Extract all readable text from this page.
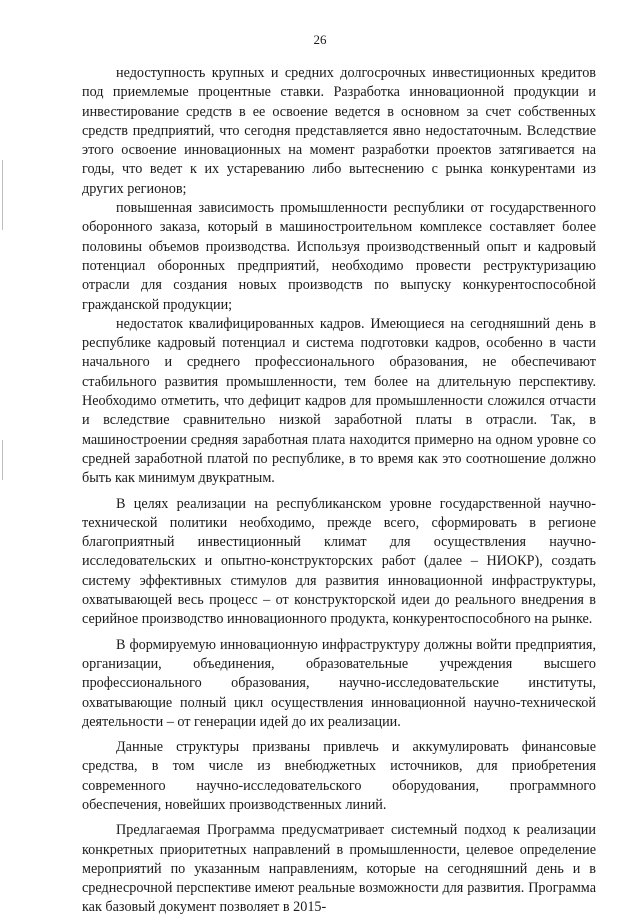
26

недоступность крупных и средних долгосрочных инвестиционных кредитов под приемлемые процентные ставки. Разработка инновационной продукции и инвестирование средств в ее освоение ведется в основном за счет собственных средств предприятий, что сегодня представляется явно недостаточным. Вследствие этого освоение инновационных на момент разработки проектов затягивается на годы, что ведет к их устареванию либо вытеснению с рынка конкурентами из других регионов;

повышенная зависимость промышленности республики от государственного оборонного заказа, который в машиностроительном комплексе составляет более половины объемов производства. Используя производственный опыт и кадровый потенциал оборонных предприятий, необходимо провести реструктуризацию отрасли для создания новых производств по выпуску конкурентоспособной гражданской продукции;

недостаток квалифицированных кадров. Имеющиеся на сегодняшний день в республике кадровый потенциал и система подготовки кадров, особенно в части начального и среднего профессионального образования, не обеспечивают стабильного развития промышленности, тем более на длительную перспективу. Необходимо отметить, что дефицит кадров для промышленности сложился отчасти и вследствие сравнительно низкой заработной платы в отрасли. Так, в машиностроении средняя заработная плата находится примерно на одном уровне со средней заработной платой по республике, в то время как это соотношение должно быть как минимум двукратным.

В целях реализации на республиканском уровне государственной научно-технической политики необходимо, прежде всего, сформировать в регионе благоприятный инвестиционный климат для осуществления научно-исследовательских и опытно-конструкторских работ (далее – НИОКР), создать систему эффективных стимулов для развития инновационной инфраструктуры, охватывающей весь процесс – от конструкторской идеи до реального внедрения в серийное производство инновационного продукта, конкурентоспособного на рынке.

В формируемую инновационную инфраструктуру должны войти предприятия, организации, объединения, образовательные учреждения высшего профессионального образования, научно-исследовательские институты, охватывающие полный цикл осуществления инновационной научно-технической деятельности – от генерации идей до их реализации.

Данные структуры призваны привлечь и аккумулировать финансовые средства, в том числе из внебюджетных источников, для приобретения современного научно-исследовательского оборудования, программного обеспечения, новейших производственных линий.

Предлагаемая Программа предусматривает системный подход к реализации конкретных приоритетных направлений в промышленности, целевое определение мероприятий по указанным направлениям, которые на сегодняшний день и в среднесрочной перспективе имеют реальные возможности для развития. Программа как базовый документ позволяет в 2015-
